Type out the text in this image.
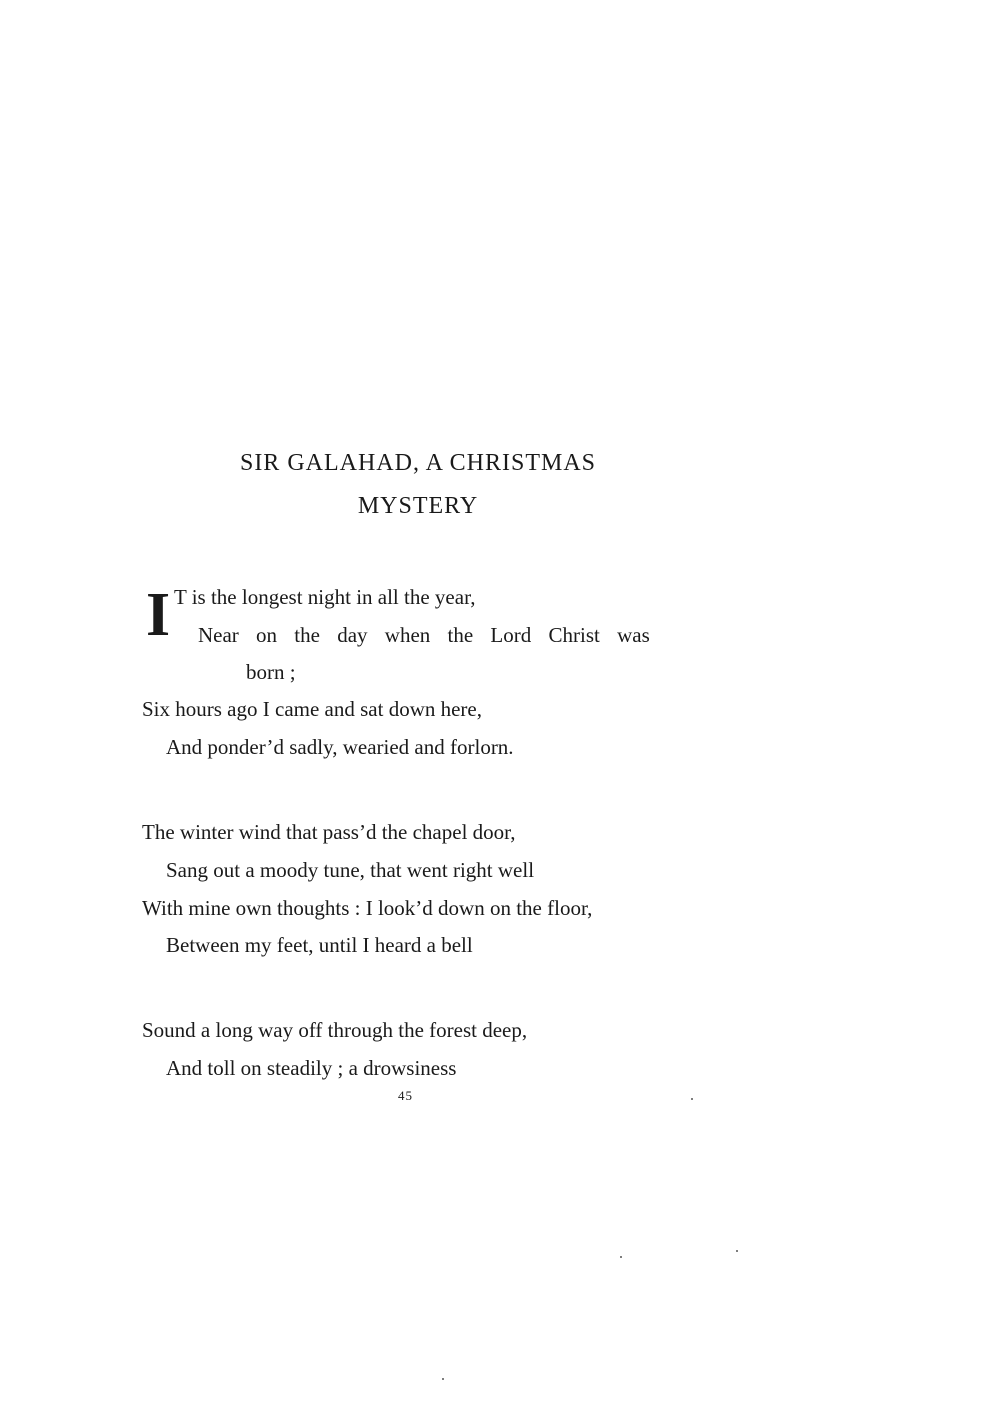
SIR GALAHAD, A CHRISTMAS
MYSTERY
I T is the longest night in all the year,
Near on the day when the Lord Christ was
born ;
Six hours ago I came and sat down here,
And ponder’d sadly, wearied and forlorn.
The winter wind that pass’d the chapel door,
Sang out a moody tune, that went right well
With mine own thoughts : I look’d down on the floor,
Between my feet, until I heard a bell
Sound a long way off through the forest deep,
And toll on steadily ; a drowsiness
45
